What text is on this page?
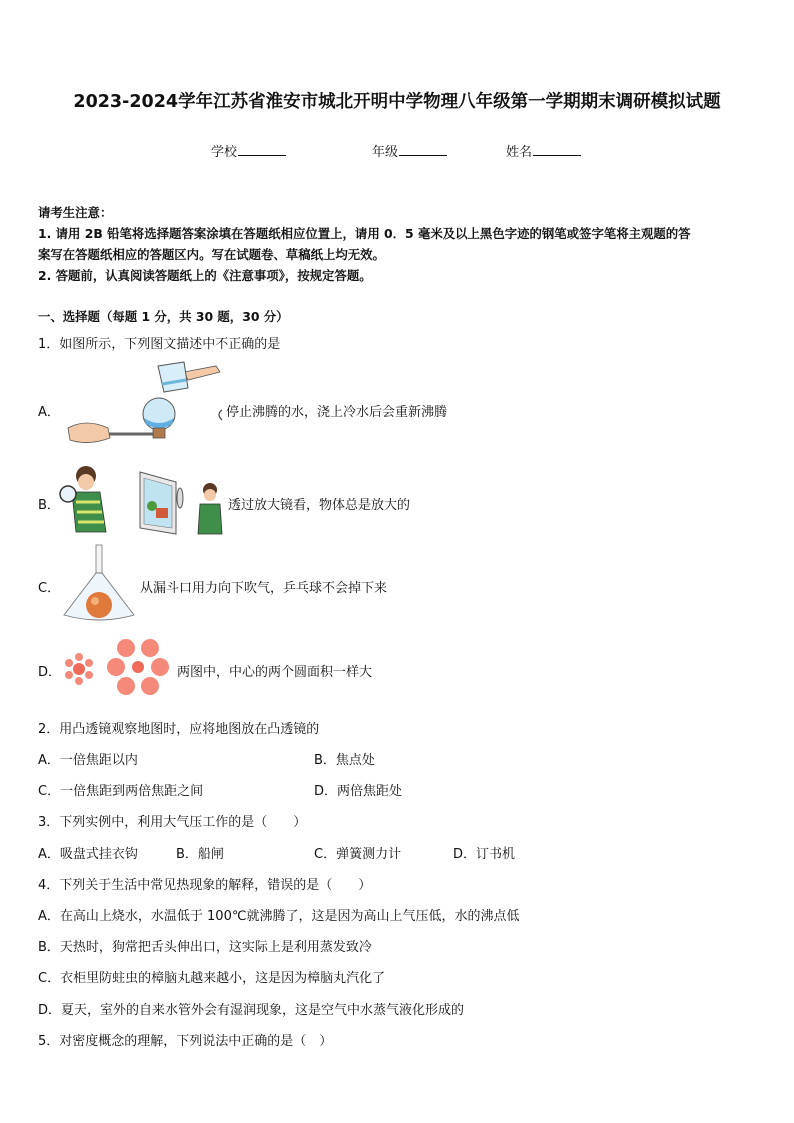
2023-2024学年江苏省淮安市城北开明中学物理八年级第一学期期末调研模拟试题
学校	年级	姓名
请考生注意：
1. 请用 2B 铅笔将选择题答案涂填在答题纸相应位置上，请用 0．5 毫米及以上黑色字迹的钢笔或签字笔将主观题的答
案写在答题纸相应的答题区内。写在试题卷、草稿纸上均无效。
2. 答题前，认真阅读答题纸上的《注意事项》，按规定答题。
一、选择题（每题 1 分，共 30 题，30 分）
1．如图所示，下列图文描述中不正确的是
A．	停止沸腾的水，浇上冷水后会重新沸腾
B．	透过放大镜看，物体总是放大的
C．	从漏斗口用力向下吹气，乒乓球不会掉下来
D．	两图中，中心的两个圆面积一样大
2．用凸透镜观察地图时，应将地图放在凸透镜的
A．一倍焦距以内	B．焦点处
C．一倍焦距到两倍焦距之间	D．两倍焦距处
3．下列实例中，利用大气压工作的是（　　）
A．吸盘式挂衣钩	B．船闸	C．弹簧测力计	D．订书机
4．下列关于生活中常见热现象的解释，错误的是（　　）
A．在高山上烧水，水温低于 100℃就沸腾了，这是因为高山上气压低，水的沸点低
B．天热时，狗常把舌头伸出口，这实际上是利用蒸发致冷
C．衣柜里防蛀虫的樟脑丸越来越小，这是因为樟脑丸汽化了
D．夏天，室外的自来水管外会有湿润现象，这是空气中水蒸气液化形成的
5．对密度概念的理解，下列说法中正确的是（　）
